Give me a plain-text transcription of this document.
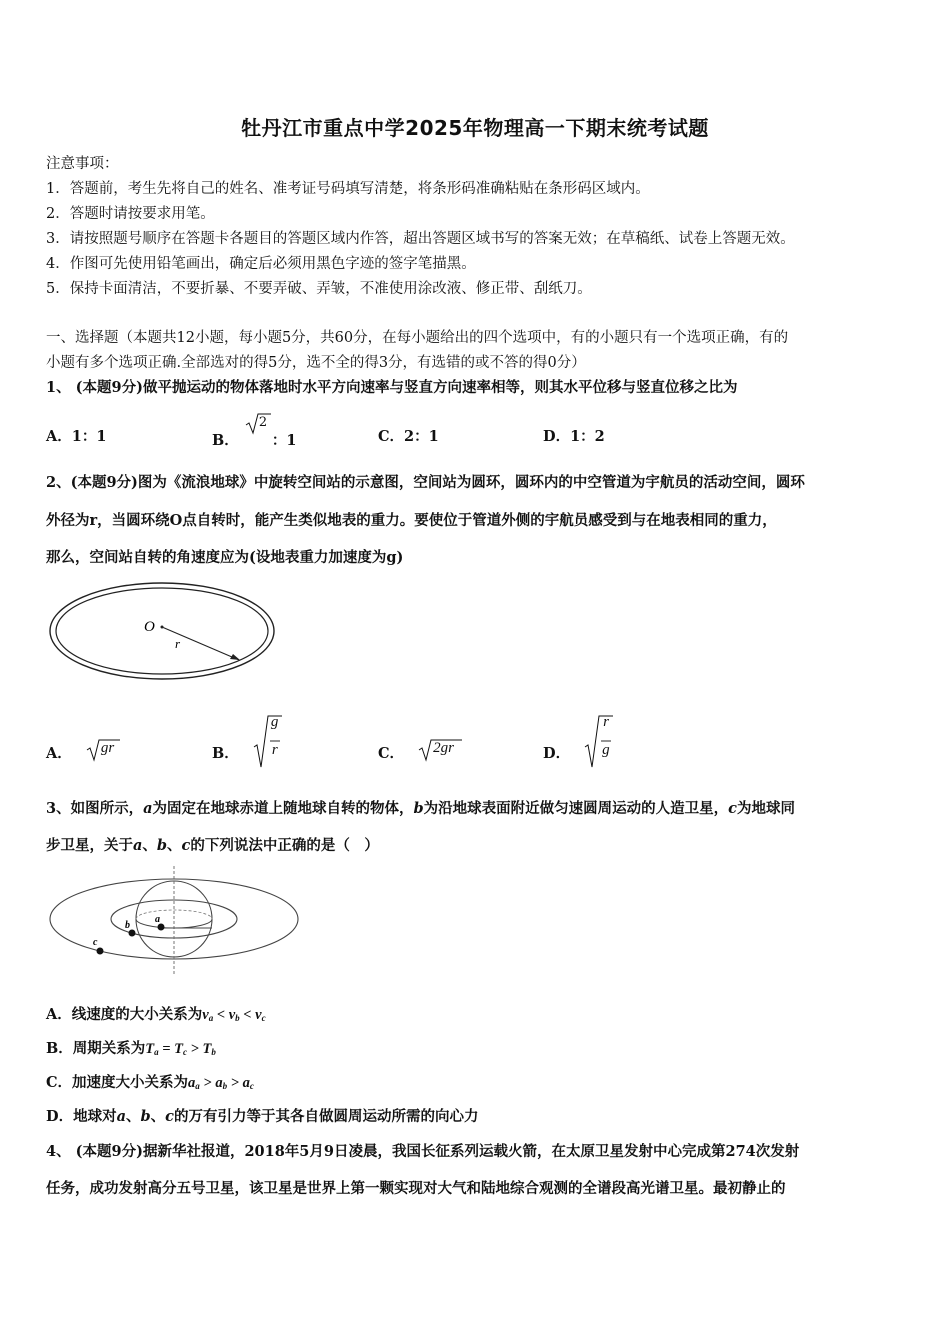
牡丹江市重点中学2025年物理高一下期末统考试题
注意事项：
1．答题前，考生先将自己的姓名、准考证号码填写清楚，将条形码准确粘贴在条形码区域内。
2．答题时请按要求用笔。
3．请按照题号顺序在答题卡各题目的答题区域内作答，超出答题区域书写的答案无效；在草稿纸、试卷上答题无效。
4．作图可先使用铅笔画出，确定后必须用黑色字迹的签字笔描黑。
5．保持卡面清洁，不要折暴、不要弄破、弄皱，不准使用涂改液、修正带、刮纸刀。
一、选择题（本题共12小题，每小题5分，共60分，在每小题给出的四个选项中，有的小题只有一个选项正确，有的
小题有多个选项正确.全部选对的得5分，选不全的得3分，有选错的或不答的得0分）
1、 (本题9分)做平抛运动的物体落地时水平方向速率与竖直方向速率相等，则其水平位移与竖直位移之比为
A．1：1	B．
2
：1	C．2：1	D．1：2
2、(本题9分)图为《流浪地球》中旋转空间站的示意图，空间站为圆环，圆环内的中空管道为宇航员的活动空间，圆环
外径为r，当圆环绕O点自转时，能产生类似地表的重力。要使位于管道外侧的宇航员感受到与在地表相同的重力，
那么，空间站自转的角速度应为(设地表重力加速度为g)
O
r
A． gr	B．
g
r	C． 2gr	D．
r
g
3、如图所示，a为固定在地球赤道上随地球自转的物体，b为沿地球表面附近做匀速圆周运动的人造卫星，c为地球同
步卫星，关于a、b、c的下列说法中正确的是（　）
a
b
c
A．线速度的大小关系为$v_a < v_b < v_c$
B．周期关系为$T_a = T_c > T_b$
C．加速度大小关系为$a_a > a_b > a_c$
D．地球对a、b、c的万有引力等于其各自做圆周运动所需的向心力
4、 (本题9分)据新华社报道，2018年5月9日凌晨，我国长征系列运载火箭，在太原卫星发射中心完成第274次发射
任务，成功发射高分五号卫星，该卫星是世界上第一颗实现对大气和陆地综合观测的全谱段高光谱卫星。最初静止的
